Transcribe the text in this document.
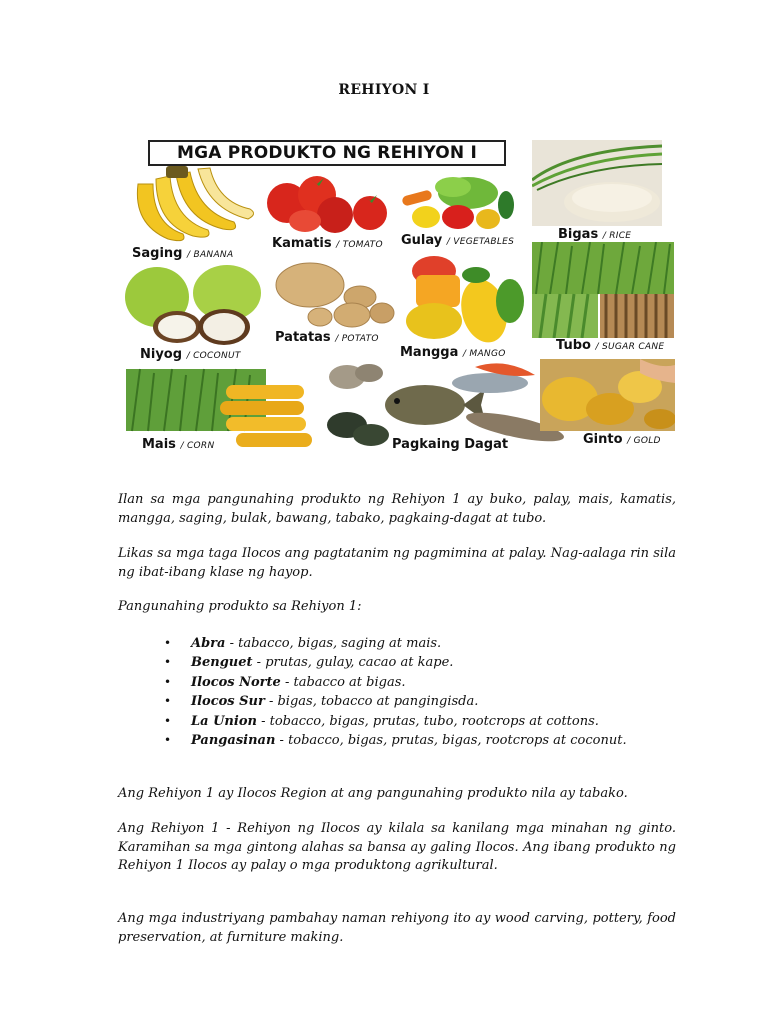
REHIYON I
MGA PRODUKTO NG REHIYON I
Saging / BANANA
Kamatis / TOMATO Gulay / VEGETABLES	Bigas / RICE
Niyog / COCONUT
Patatas / POTATO
Mangga / MANGO
Tubo / SUGAR CANE
Mais / CORN	Pagkaing Dagat	Ginto / GOLD
Ilan sa mga pangunahing produkto ng Rehiyon 1 ay buko, palay, mais, kamatis, mangga, saging, bulak, bawang, tabako, pagkaing-dagat at tubo.
Likas sa mga taga Ilocos ang pagtatanim ng pagmimina at palay. Nag-aalaga rin sila ng ibat-ibang klase ng hayop.
Pangunahing produkto sa Rehiyon 1:
• Abra - tabacco, bigas, saging at mais.
• Benguet - prutas, gulay, cacao at kape.
• Ilocos Norte - tabacco at bigas.
• Ilocos Sur - bigas, tobacco at pangingisda.
• La Union - tobacco, bigas, prutas, tubo, rootcrops at cottons.
• Pangasinan - tobacco, bigas, prutas, bigas, rootcrops at coconut.
Ang Rehiyon 1 ay Ilocos Region at ang pangunahing produkto nila ay tabako.
Ang Rehiyon 1 - Rehiyon ng Ilocos ay kilala sa kanilang mga minahan ng ginto. Karamihan sa mga gintong alahas sa bansa ay galing Ilocos. Ang ibang produkto ng Rehiyon 1 Ilocos ay palay o mga produktong agrikultural.
Ang mga industriyang pambahay naman rehiyong ito ay wood carving, pottery, food preservation, at furniture making.
